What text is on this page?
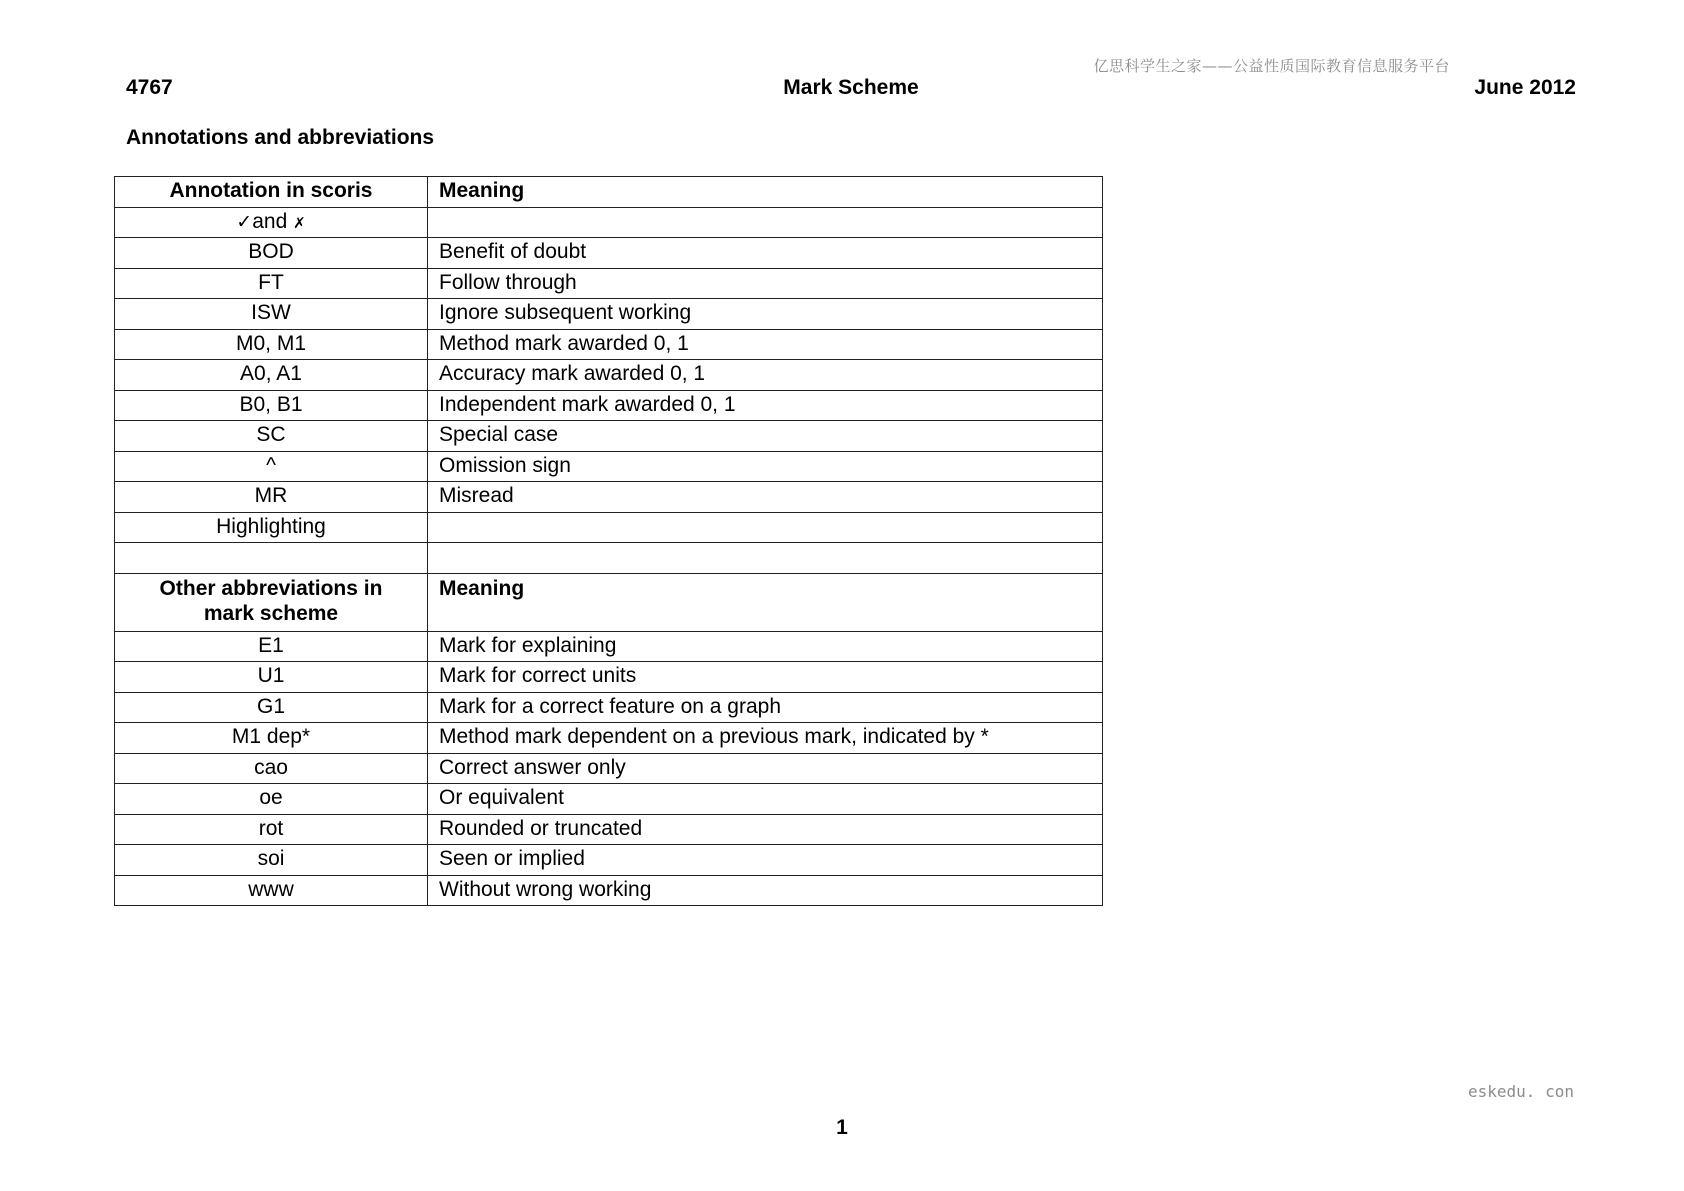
亿思科学生之家——公益性质国际教育信息服务平台
4767	Mark Scheme	June 2012
Annotations and abbreviations
Annotation in scoris	Meaning
✓and ✗	
BOD	Benefit of doubt
FT	Follow through
ISW	Ignore subsequent working
M0, M1	Method mark awarded 0, 1
A0, A1	Accuracy mark awarded 0, 1
B0, B1	Independent mark awarded 0, 1
SC	Special case
^	Omission sign
MR	Misread
Highlighting	

Other abbreviations in
mark scheme	Meaning
E1	Mark for explaining
U1	Mark for correct units
G1	Mark for a correct feature on a graph
M1 dep*	Method mark dependent on a previous mark, indicated by *
cao	Correct answer only
oe	Or equivalent
rot	Rounded or truncated
soi	Seen or implied
www	Without wrong working
eskedu. con
1
